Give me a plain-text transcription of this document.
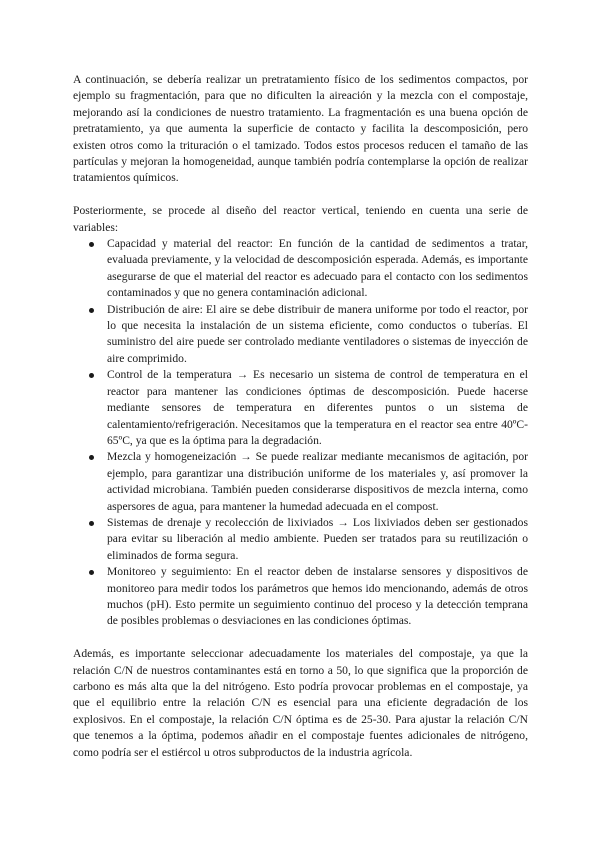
A continuación, se debería realizar un pretratamiento físico de los sedimentos compactos, por ejemplo su fragmentación, para que no dificulten la aireación y la mezcla con el compostaje, mejorando así la condiciones de nuestro tratamiento. La fragmentación es una buena opción de pretratamiento, ya que aumenta la superficie de contacto y facilita la descomposición, pero existen otros como la trituración o el tamizado. Todos estos procesos reducen el tamaño de las partículas y mejoran la homogeneidad, aunque también podría contemplarse la opción de realizar tratamientos químicos.

Posteriormente, se procede al diseño del reactor vertical, teniendo en cuenta una serie de variables:

Capacidad y material del reactor: En función de la cantidad de sedimentos a tratar, evaluada previamente, y la velocidad de descomposición esperada. Además, es importante asegurarse de que el material del reactor es adecuado para el contacto con los sedimentos contaminados y que no genera contaminación adicional.
Distribución de aire: El aire se debe distribuir de manera uniforme por todo el reactor, por lo que necesita la instalación de un sistema eficiente, como conductos o tuberías. El suministro del aire puede ser controlado mediante ventiladores o sistemas de inyección de aire comprimido.
Control de la temperatura → Es necesario un sistema de control de temperatura en el reactor para mantener las condiciones óptimas de descomposición. Puede hacerse mediante sensores de temperatura en diferentes puntos o un sistema de calentamiento/refrigeración. Necesitamos que la temperatura en el reactor sea entre 40ºC-65ºC, ya que es la óptima para la degradación.
Mezcla y homogeneización → Se puede realizar mediante mecanismos de agitación, por ejemplo, para garantizar una distribución uniforme de los materiales y, así promover la actividad microbiana. También pueden considerarse dispositivos de mezcla interna, como aspersores de agua, para mantener la humedad adecuada en el compost.
Sistemas de drenaje y recolección de lixiviados → Los lixiviados deben ser gestionados para evitar su liberación al medio ambiente. Pueden ser tratados para su reutilización o eliminados de forma segura.
Monitoreo y seguimiento: En el reactor deben de instalarse sensores y dispositivos de monitoreo para medir todos los parámetros que hemos ido mencionando, además de otros muchos (pH). Esto permite un seguimiento continuo del proceso y la detección temprana de posibles problemas o desviaciones en las condiciones óptimas.

Además, es importante seleccionar adecuadamente los materiales del compostaje, ya que la relación C/N de nuestros contaminantes está en torno a 50, lo que significa que la proporción de carbono es más alta que la del nitrógeno. Esto podría provocar problemas en el compostaje, ya que el equilibrio entre la relación C/N es esencial para una eficiente degradación de los explosivos. En el compostaje, la relación C/N óptima es de 25-30. Para ajustar la relación C/N que tenemos a la óptima, podemos añadir en el compostaje fuentes adicionales de nitrógeno, como podría ser el estiércol u otros subproductos de la industria agrícola.
